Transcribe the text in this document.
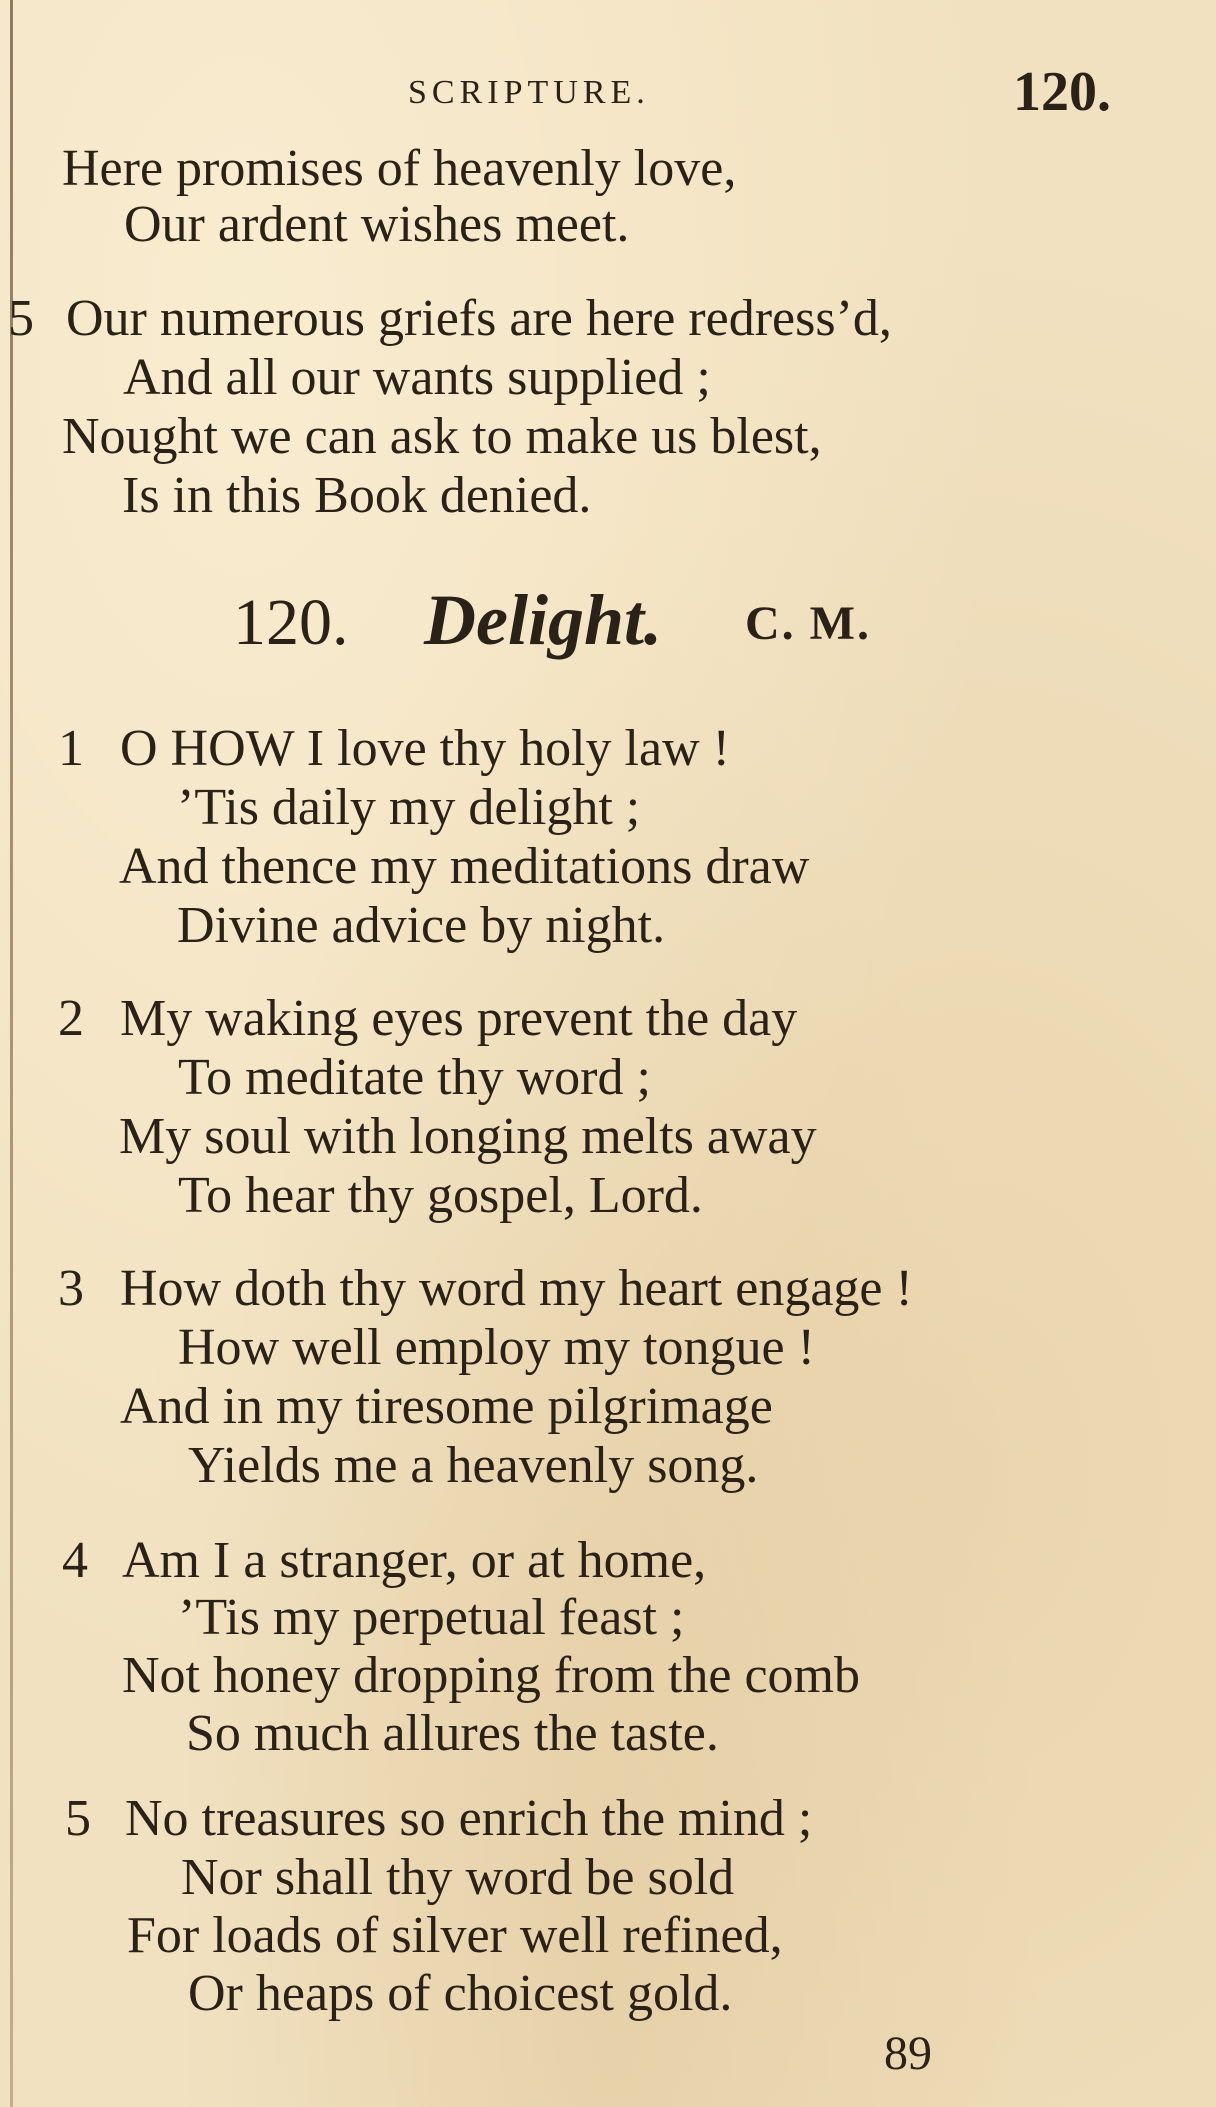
SCRIPTURE.	120.
Here promises of heavenly love,
Our ardent wishes meet.
5 Our numerous griefs are here redress’d,
And all our wants supplied ;
Nought we can ask to make us blest,
Is in this Book denied.
120. Delight. C. M.
1 O HOW I love thy holy law !
’Tis daily my delight ;
And thence my meditations draw
Divine advice by night.
2 My waking eyes prevent the day
To meditate thy word ;
My soul with longing melts away
To hear thy gospel, Lord.
3 How doth thy word my heart engage !
How well employ my tongue !
And in my tiresome pilgrimage
Yields me a heavenly song.
4 Am I a stranger, or at home,
’Tis my perpetual feast ;
Not honey dropping from the comb
So much allures the taste.
5 No treasures so enrich the mind ;
Nor shall thy word be sold
For loads of silver well refined,
Or heaps of choicest gold.
89
